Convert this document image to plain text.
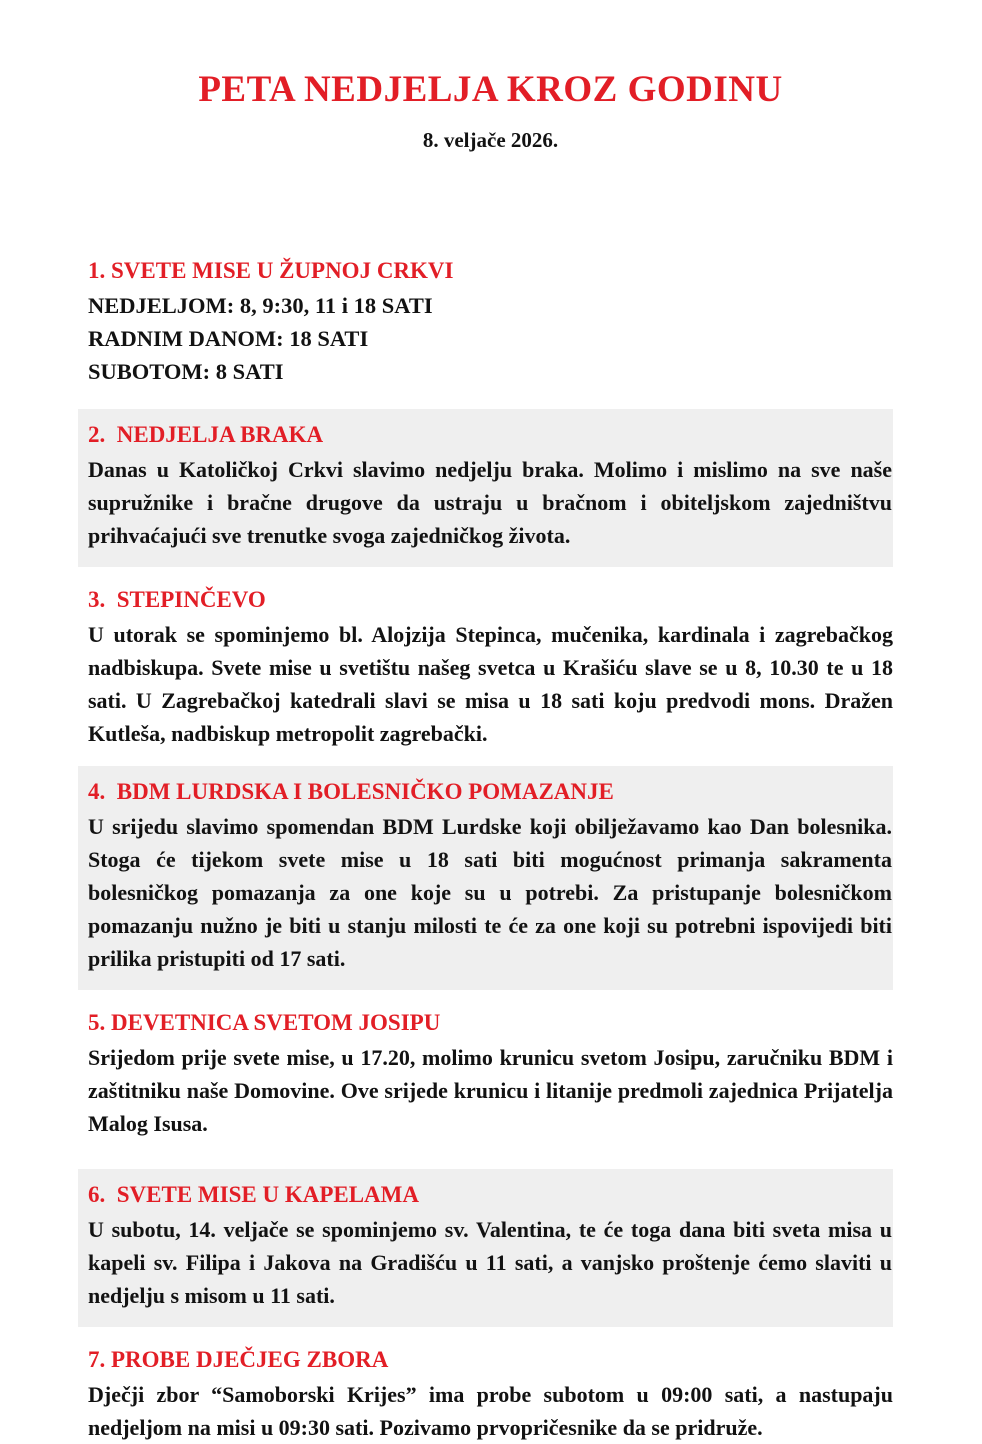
PETA NEDJELJA KROZ GODINU
8. veljače 2026.
1. SVETE MISE U ŽUPNOJ CRKVI
NEDJELJOM: 8, 9:30, 11 i 18 SATI
RADNIM DANOM: 18 SATI
SUBOTOM: 8 SATI
2.  NEDJELJA BRAKA

Danas u Katoličkoj Crkvi slavimo nedjelju braka. Molimo i mislimo na sve naše supružnike i bračne drugove da ustraju u bračnom i obiteljskom zajedništvu prihvaćajući sve trenutke svoga zajedničkog života.

3.  STEPINČEVO

U utorak se spominjemo bl. Alojzija Stepinca, mučenika, kardinala i zagrebačkog nadbiskupa. Svete mise u svetištu našeg svetca u Krašiću slave se u 8, 10.30 te u 18 sati. U Zagrebačkoj katedrali slavi se misa u 18 sati koju predvodi mons. Dražen Kutleša, nadbiskup metropolit zagrebački.

4.  BDM LURDSKA I BOLESNIČKO POMAZANJE

U srijedu slavimo spomendan BDM Lurdske koji obilježavamo kao Dan bolesnika. Stoga će tijekom svete mise u 18 sati biti mogućnost primanja sakramenta bolesničkog pomazanja za one koje su u potrebi. Za pristupanje bolesničkom pomazanju nužno je biti u stanju milosti te će za one koji su potrebni ispovijedi biti prilika pristupiti od 17 sati.

5. DEVETNICA SVETOM JOSIPU

Srijedom prije svete mise, u 17.20, molimo krunicu svetom Josipu, zaručniku BDM i zaštitniku naše Domovine. Ove srijede krunicu i litanije predmoli zajednica Prijatelja Malog Isusa.

6.  SVETE MISE U KAPELAMA

U subotu, 14. veljače se spominjemo sv. Valentina, te će toga dana biti sveta misa u kapeli sv. Filipa i Jakova na Gradišću u 11 sati, a vanjsko proštenje ćemo slaviti u nedjelju s misom u 11 sati.

7. PROBE DJEČJEG ZBORA

Dječji zbor “Samoborski Krijes” ima probe subotom u 09:00 sati, a nastupaju nedjeljom na misi u 09:30 sati. Pozivamo prvopričesnike da se pridruže.
